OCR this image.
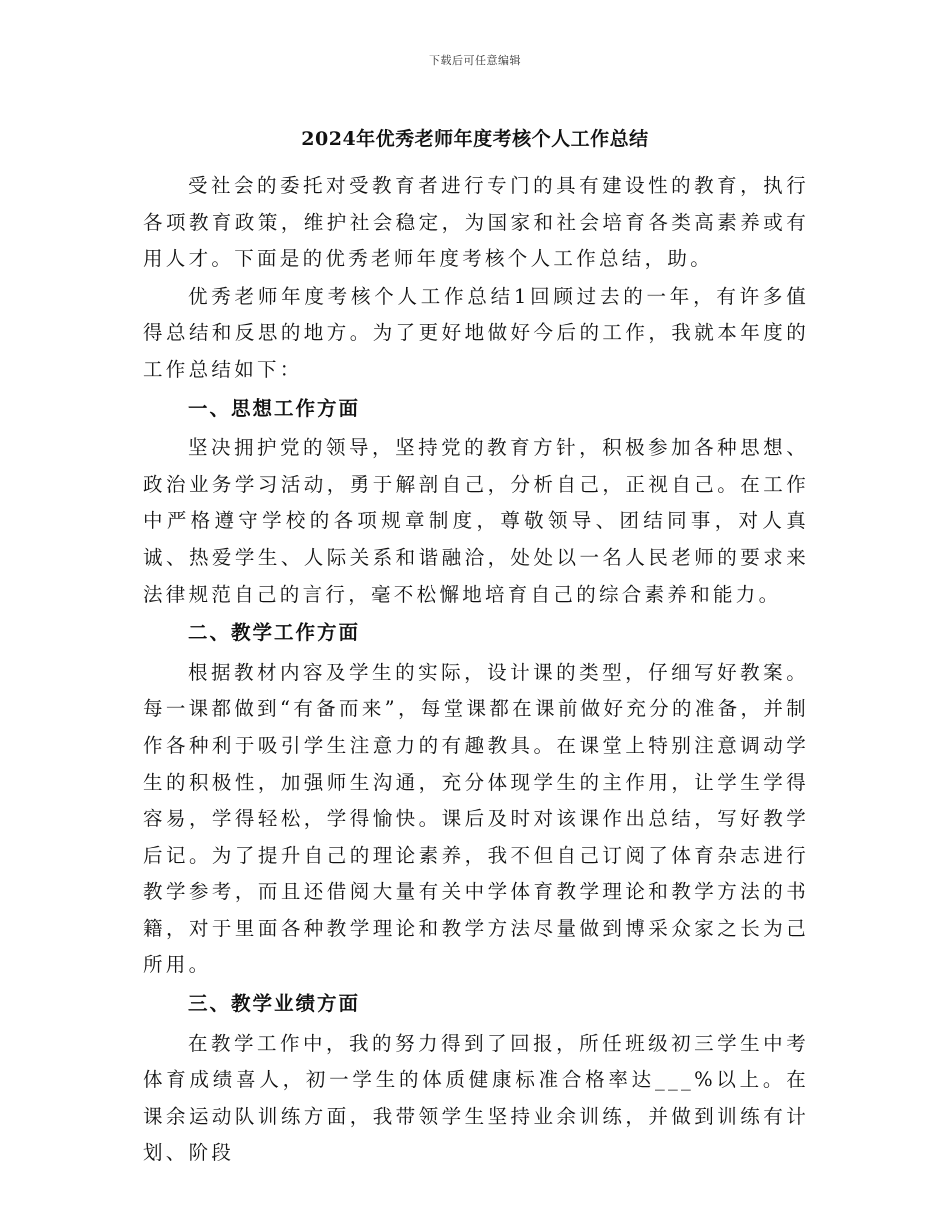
下载后可任意编辑
2024年优秀老师年度考核个人工作总结

受社会的委托对受教育者进行专门的具有建设性的教育，执行各项教育政策，维护社会稳定，为国家和社会培育各类高素养或有用人才。下面是的优秀老师年度考核个人工作总结，助。

优秀老师年度考核个人工作总结1回顾过去的一年，有许多值得总结和反思的地方。为了更好地做好今后的工作，我就本年度的工作总结如下：

一、思想工作方面

坚决拥护党的领导，坚持党的教育方针，积极参加各种思想、政治业务学习活动，勇于解剖自己，分析自己，正视自己。在工作中严格遵守学校的各项规章制度，尊敬领导、团结同事，对人真诚、热爱学生、人际关系和谐融洽，处处以一名人民老师的要求来法律规范自己的言行，毫不松懈地培育自己的综合素养和能力。

二、教学工作方面

根据教材内容及学生的实际，设计课的类型，仔细写好教案。每一课都做到“有备而来”，每堂课都在课前做好充分的准备，并制作各种利于吸引学生注意力的有趣教具。在课堂上特别注意调动学生的积极性，加强师生沟通，充分体现学生的主作用，让学生学得容易，学得轻松，学得愉快。课后及时对该课作出总结，写好教学后记。为了提升自己的理论素养，我不但自己订阅了体育杂志进行教学参考，而且还借阅大量有关中学体育教学理论和教学方法的书籍，对于里面各种教学理论和教学方法尽量做到博采众家之长为己所用。

三、教学业绩方面

在教学工作中，我的努力得到了回报，所任班级初三学生中考体育成绩喜人，初一学生的体质健康标准合格率达___%以上。在课余运动队训练方面，我带领学生坚持业余训练，并做到训练有计划、阶段
